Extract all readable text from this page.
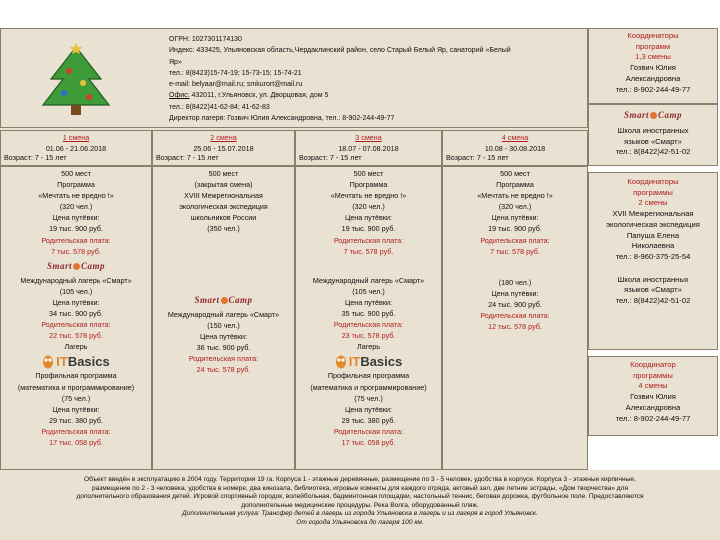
ОГРН: 1027301174130
Индекс: 433425, Ульяновская область,Чердаклинский район, село Старый Белый Яр, санаторий «Белый
Яр»
тел.: 8(8423)15-74-19; 15-73-15; 15-74-21
e-mail: belyaar@mail.ru; smkurort@mail.ru
Офис: 432011, г.Ульяновск, ул. Дворцовая, дом 5
тел.: 8(8422)41-62-84; 41-62-83
Директор лагеря: Гозвич Юлия Александровна, тел.: 8-902-244-49-77
1 смена
01.06 - 21.06.2018
Возраст: 7 - 15 лет
2 смена
25.06 - 15.07.2018
Возраст: 7 - 15 лет
3 смена
18.07 - 07.08.2018
Возраст: 7 - 15 лет
4 смена
10.08 - 30.08.2018
Возраст: 7 - 15 лет
500 мест
Программа
«Мечтать не вредно !»
(320 чел.)
Цена путёвки:
19 тыс. 900 руб.
Родительская плата:
7 тыс. 578 руб.
Smart Camp
Международный лагерь «Смарт»
(105 чел.)
Цена путёвки:
34 тыс. 900 руб.
Родительская плата:
22 тыс. 578 руб.
Лагерь
ITBasics
Профильная программа
(математика и программирование)
(75 чел.)
Цена путёвки:
29 тыс. 380 руб.
Родительская плата:
17 тыс. 058 руб.
500 мест
(закрытая смена)
XVIII Межрегиональная
экологическая экспедиция
школьников России
(350 чел.)
Smart Camp
Международный лагерь «Смарт»
(150 чел.)
Цена путёвки:
36 тыс. 900 руб.
Родительская плата:
24 тыс. 578 руб.
500 мест
Программа
«Мечтать не вредно !»
(320 чел.)
Цена путёвки:
19 тыс. 900 руб.
Родительская плата:
7 тыс. 578 руб.
Международный лагерь «Смарт»
(105 чел.)
Цена путёвки:
35 тыс. 900 руб.
Родительская плата:
23 тыс. 578 руб.
Лагерь
ITBasics
Профильная программа
(математика и программирование)
(75 чел.)
Цена путёвки:
29 тыс. 380 руб.
Родительская плата:
17 тыс. 058 руб.
500 мест
Программа
«Мечтать не вредно !»
(320 чел.)
Цена путёвки:
19 тыс. 900 руб.
Родительская плата:
7 тыс. 578 руб.
(180 чел.)
Цена путёвки:
24 тыс. 900 руб.
Родительская плата:
12 тыс. 578 руб.
Координаторы
программ
1,3 смены
Гозвич Юлия
Александровна
тел.: 8-902-244-49-77
Smart Camp
Школа иностранных
языков «Смарт»
тел.: 8(8422)42-51-02
Координаторы
программы
2 смены
XVII Межрегиональная
экологическая экспедиция
Папуша Елена
Николаевна
тел.: 8-960-375-25-54
Школа иностранных
языков «Смарт»
тел.: 8(8422)42-51-02
Координатор
программы
4 смены
Гозвич Юлия
Александровна
тел.: 8-902-244-49-77
Объект введён в эксплуатацию в 2004 году. Территория 19 га. Корпуса 1 - этажные деревянные, размещение по 3 - 5 человек, удобства в корпусе. Корпуса 3 - этажные кирпичные,
размещение по 2 - 3 человека, удобства в номере, два кинозала, библиотека, игровые комнаты для каждого отряда, актовый зал, две летние эстрады, «Дом творчества» для
дополнительного образования детей. Игровой спортивный городок, волейбольная, бадминтонная площадки, настольный теннис, беговая дорожка, футбольное поле. Предоставляются
дополнительные медицинские процедуры. Река Волга, оборудованный пляж.
Дополнительная услуга: Трансфер детей в лагерь из города Ульяновска в лагерь и из лагеря в город Ульяновск.
От города Ульяновска до лагеря 100 км.
